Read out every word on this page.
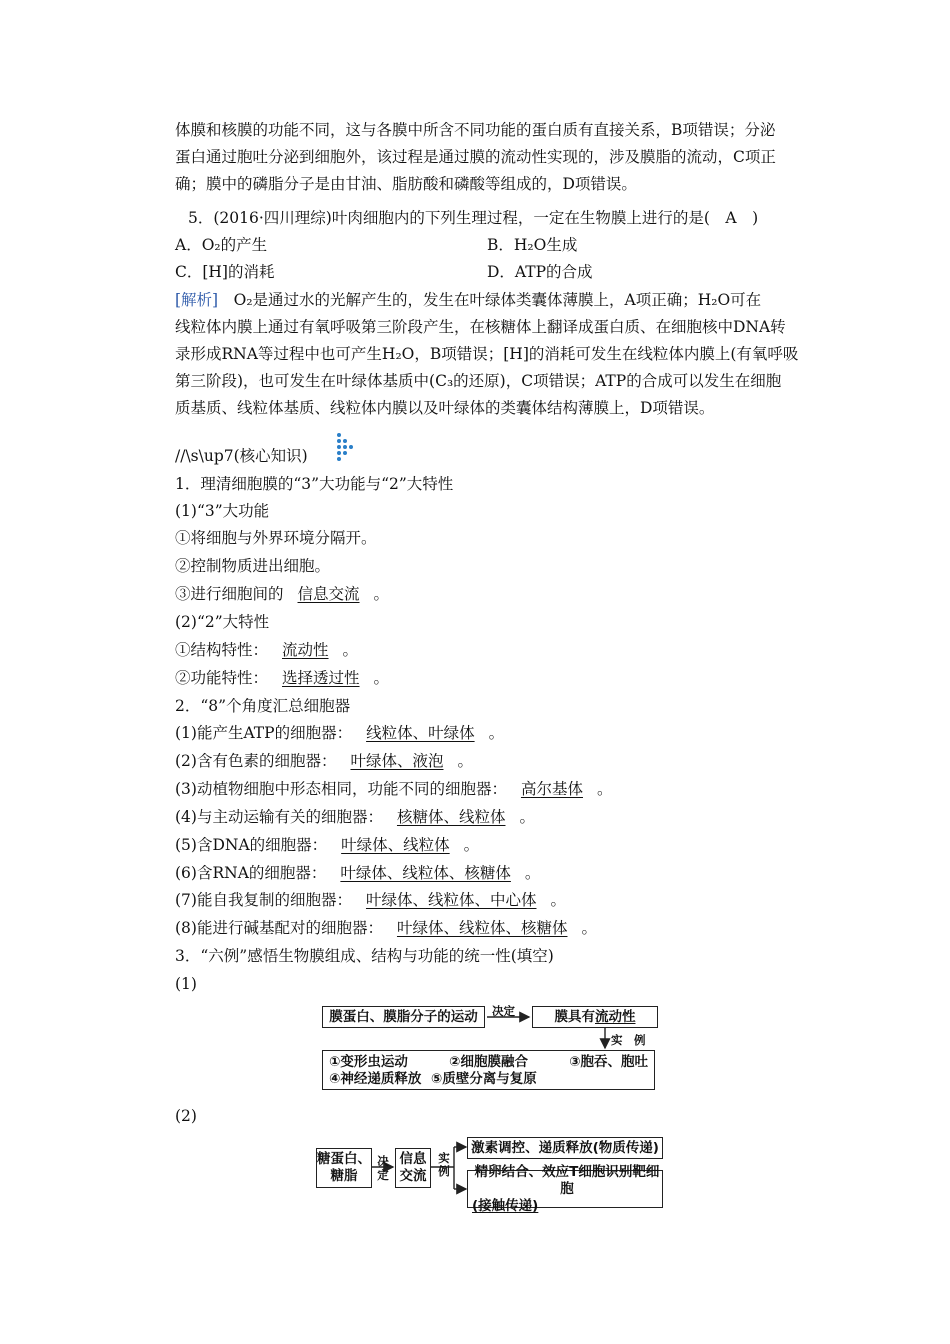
体膜和核膜的功能不同，这与各膜中所含不同功能的蛋白质有直接关系，B项错误；分泌
蛋白通过胞吐分泌到细胞外，该过程是通过膜的流动性实现的，涉及膜脂的流动，C项正
确；膜中的磷脂分子是由甘油、脂肪酸和磷酸等组成的，D项错误。
5．(2016·四川理综)叶肉细胞内的下列生理过程，一定在生物膜上进行的是(　A　)
A．O₂的产生	B．H₂O生成
C．[H]的消耗	D．ATP的合成
[解析]　O₂是通过水的光解产生的，发生在叶绿体类囊体薄膜上，A项正确；H₂O可在
线粒体内膜上通过有氧呼吸第三阶段产生，在核糖体上翻译成蛋白质、在细胞核中DNA转
录形成RNA等过程中也可产生H₂O，B项错误；[H]的消耗可发生在线粒体内膜上(有氧呼吸
第三阶段)，也可发生在叶绿体基质中(C₃的还原)，C项错误；ATP的合成可以发生在细胞
质基质、线粒体基质、线粒体内膜以及叶绿体的类囊体结构薄膜上，D项错误。
//\s\up7(核心知识)
1．理清细胞膜的“3”大功能与“2”大特性
(1)“3”大功能
①将细胞与外界环境分隔开。
②控制物质进出细胞。
③进行细胞间的 信息交流 。
(2)“2”大特性
①结构特性： 流动性 。
②功能特性： 选择透过性 。
2．“8”个角度汇总细胞器
(1)能产生ATP的细胞器： 线粒体、叶绿体 。
(2)含有色素的细胞器： 叶绿体、液泡 。
(3)动植物细胞中形态相同，功能不同的细胞器： 高尔基体 。
(4)与主动运输有关的细胞器： 核糖体、线粒体 。
(5)含DNA的细胞器： 叶绿体、线粒体 。
(6)含RNA的细胞器： 叶绿体、线粒体、核糖体 。
(7)能自我复制的细胞器： 叶绿体、线粒体、中心体 。
(8)能进行碱基配对的细胞器： 叶绿体、线粒体、核糖体 。
3．“六例”感悟生物膜组成、结构与功能的统一性(填空)
(1)
膜蛋白、膜脂分子的运动	决定	膜具有 流动性
实　例
①变形虫运动	②细胞膜融合	③胞吞、胞吐
④神经递质释放 ⑤质壁分离与复原
(2)
糖蛋白、
糖脂
决
定
信息
交流
实
例
激素调控、递质释放(物质传递)
精卵结合、效应T细胞识别靶细胞
(接触传递)
